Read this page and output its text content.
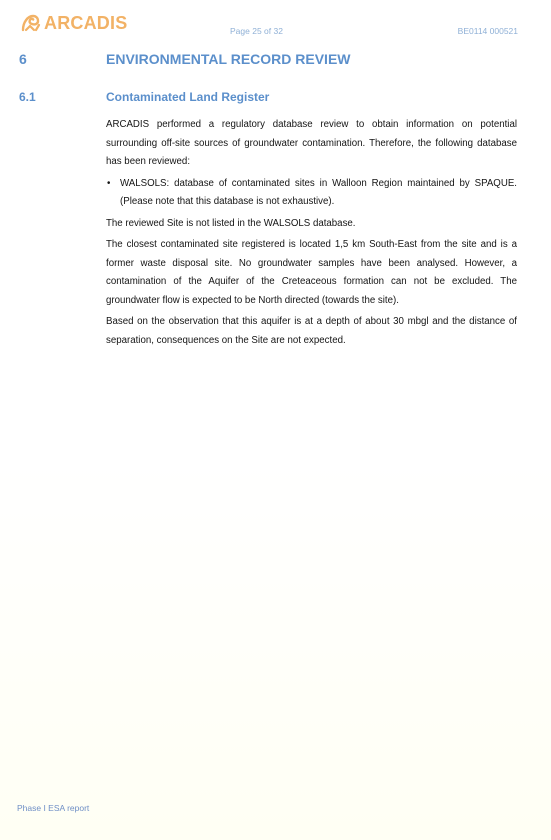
ARCADIS	Page 25 of 32	BE0114 000521
6	ENVIRONMENTAL RECORD REVIEW
6.1	Contaminated Land Register

ARCADIS performed a regulatory database review to obtain information on potential surrounding off-site sources of groundwater contamination. Therefore, the following database has been reviewed:

• WALSOLS: database of contaminated sites in Walloon Region maintained by SPAQUE. (Please note that this database is not exhaustive).

The reviewed Site is not listed in the WALSOLS database.

The closest contaminated site registered is located 1,5 km South-East from the site and is a former waste disposal site. No groundwater samples have been analysed. However, a contamination of the Aquifer of the Creteaceous formation can not be excluded. The groundwater flow is expected to be North directed (towards the site).

Based on the observation that this aquifer is at a depth of about 30 mbgl and the distance of separation, consequences on the Site are not expected.

Phase I ESA report
